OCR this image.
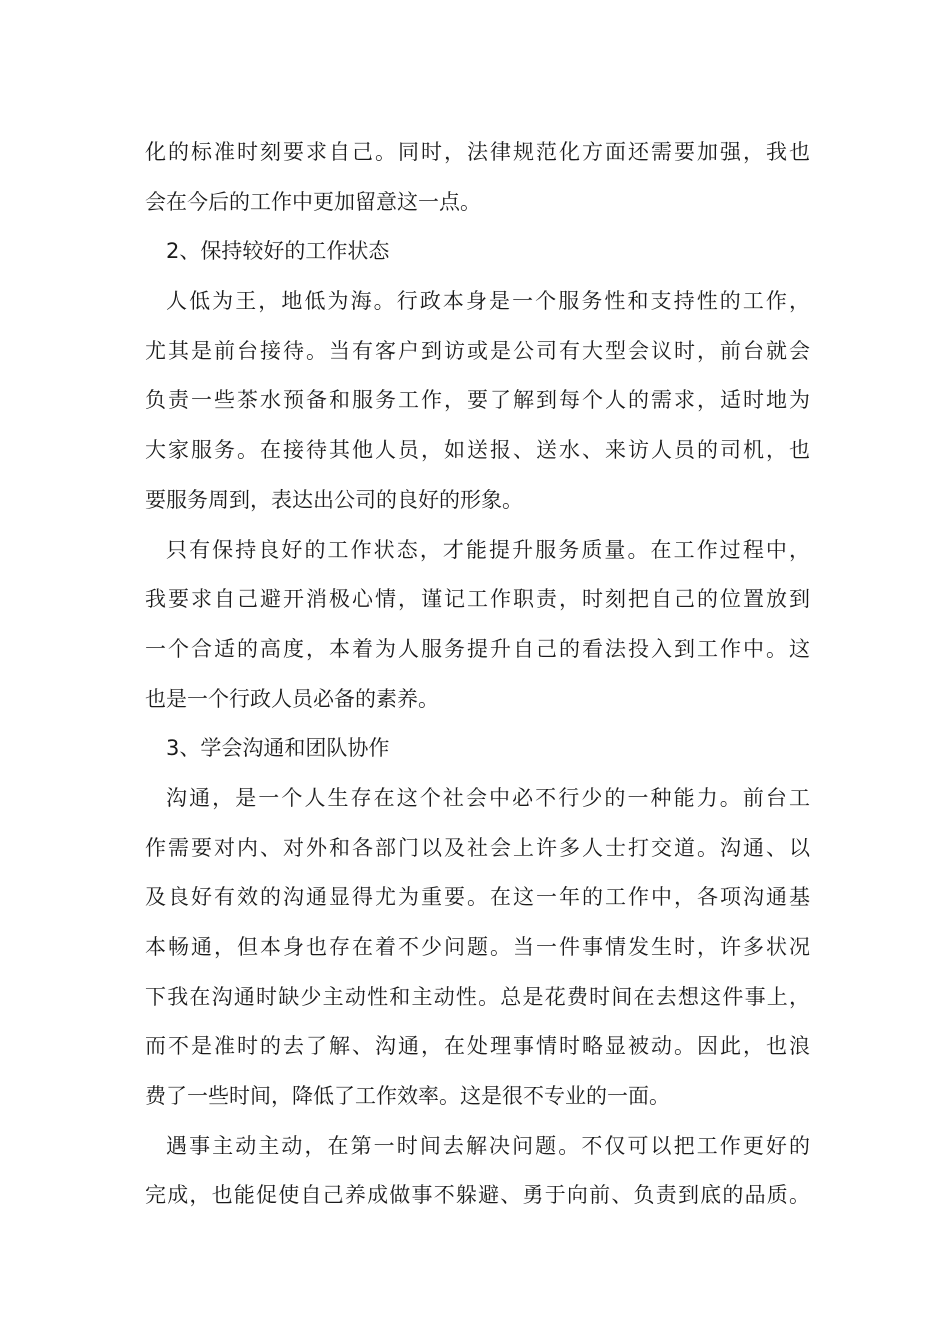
化的标准时刻要求自己。同时，法律规范化方面还需要加强，我也
会在今后的工作中更加留意这一点。
2、保持较好的工作状态
人低为王，地低为海。行政本身是一个服务性和支持性的工作，
尤其是前台接待。当有客户到访或是公司有大型会议时，前台就会
负责一些茶水预备和服务工作，要了解到每个人的需求，适时地为
大家服务。在接待其他人员，如送报、送水、来访人员的司机，也
要服务周到，表达出公司的良好的形象。
只有保持良好的工作状态，才能提升服务质量。在工作过程中，
我要求自己避开消极心情，谨记工作职责，时刻把自己的位置放到
一个合适的高度，本着为人服务提升自己的看法投入到工作中。这
也是一个行政人员必备的素养。
3、学会沟通和团队协作
沟通，是一个人生存在这个社会中必不行少的一种能力。前台工
作需要对内、对外和各部门以及社会上许多人士打交道。沟通、以
及良好有效的沟通显得尤为重要。在这一年的工作中，各项沟通基
本畅通，但本身也存在着不少问题。当一件事情发生时，许多状况
下我在沟通时缺少主动性和主动性。总是花费时间在去想这件事上，
而不是准时的去了解、沟通，在处理事情时略显被动。因此，也浪
费了一些时间，降低了工作效率。这是很不专业的一面。
遇事主动主动，在第一时间去解决问题。不仅可以把工作更好的
完成，也能促使自己养成做事不躲避、勇于向前、负责到底的品质。
